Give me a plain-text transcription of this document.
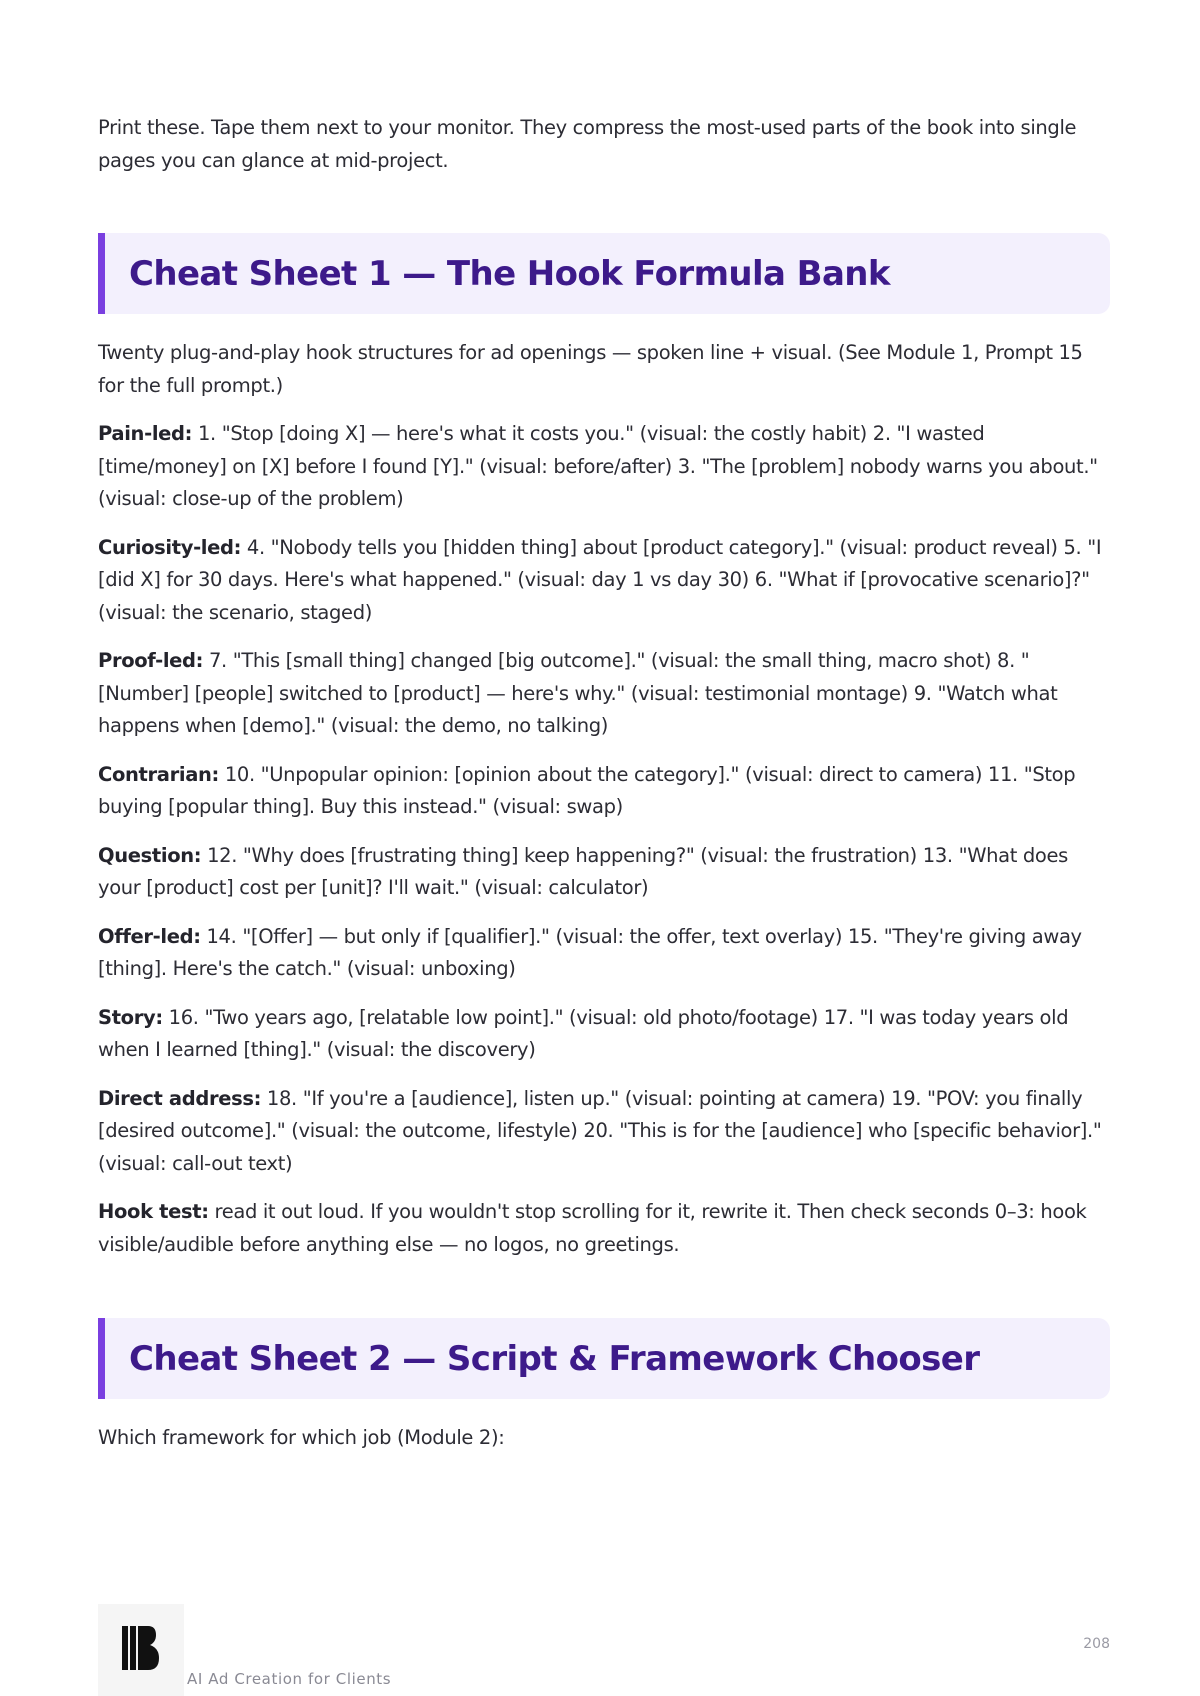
Print these. Tape them next to your monitor. They compress the most-used parts of the book into single pages you can glance at mid-project.

Cheat Sheet 1 — The Hook Formula Bank

Twenty plug-and-play hook structures for ad openings — spoken line + visual. (See Module 1, Prompt 15 for the full prompt.)

Pain-led: 1. "Stop [doing X] — here's what it costs you." (visual: the costly habit) 2. "I wasted [time/money] on [X] before I found [Y]." (visual: before/after) 3. "The [problem] nobody warns you about." (visual: close-up of the problem)

Curiosity-led: 4. "Nobody tells you [hidden thing] about [product category]." (visual: product reveal) 5. "I [did X] for 30 days. Here's what happened." (visual: day 1 vs day 30) 6. "What if [provocative scenario]?" (visual: the scenario, staged)

Proof-led: 7. "This [small thing] changed [big outcome]." (visual: the small thing, macro shot) 8. "[Number] [people] switched to [product] — here's why." (visual: testimonial montage) 9. "Watch what happens when [demo]." (visual: the demo, no talking)

Contrarian: 10. "Unpopular opinion: [opinion about the category]." (visual: direct to camera) 11. "Stop buying [popular thing]. Buy this instead." (visual: swap)

Question: 12. "Why does [frustrating thing] keep happening?" (visual: the frustration) 13. "What does your [product] cost per [unit]? I'll wait." (visual: calculator)

Offer-led: 14. "[Offer] — but only if [qualifier]." (visual: the offer, text overlay) 15. "They're giving away [thing]. Here's the catch." (visual: unboxing)

Story: 16. "Two years ago, [relatable low point]." (visual: old photo/footage) 17. "I was today years old when I learned [thing]." (visual: the discovery)

Direct address: 18. "If you're a [audience], listen up." (visual: pointing at camera) 19. "POV: you finally [desired outcome]." (visual: the outcome, lifestyle) 20. "This is for the [audience] who [specific behavior]." (visual: call-out text)

Hook test: read it out loud. If you wouldn't stop scrolling for it, rewrite it. Then check seconds 0–3: hook visible/audible before anything else — no logos, no greetings.

Cheat Sheet 2 — Script & Framework Chooser

Which framework for which job (Module 2):

AI Ad Creation for Clients
208
